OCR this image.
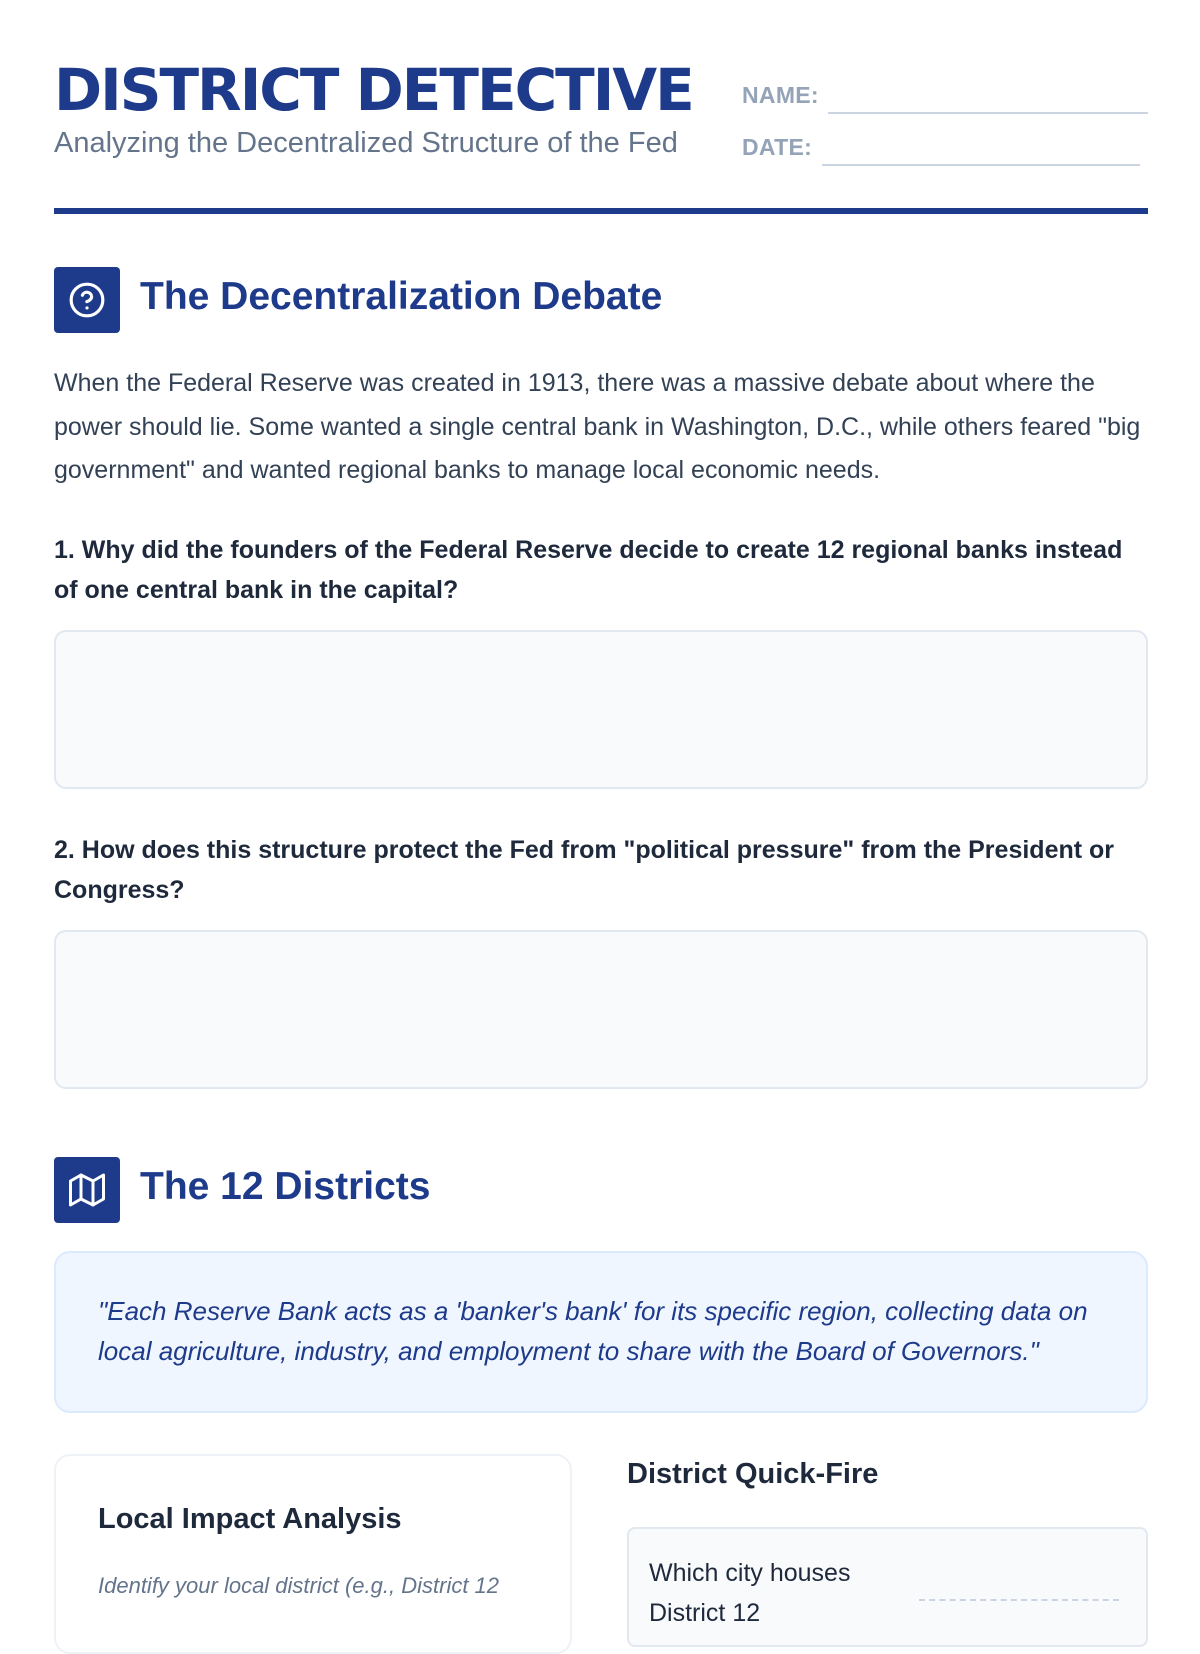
DISTRICT DETECTIVE
Analyzing the Decentralized Structure of the Fed
NAME:
DATE:
The Decentralization Debate

When the Federal Reserve was created in 1913, there was a massive debate about where the power should lie. Some wanted a single central bank in Washington, D.C., while others feared "big government" and wanted regional banks to manage local economic needs.

1. Why did the founders of the Federal Reserve decide to create 12 regional banks instead of one central bank in the capital?

2. How does this structure protect the Fed from "political pressure" from the President or Congress?

The 12 Districts

"Each Reserve Bank acts as a 'banker's bank' for its specific region, collecting data on local agriculture, industry, and employment to share with the Board of Governors."

Local Impact Analysis
Identify your local district (e.g., District 12
District Quick-Fire
Which city houses District 12
